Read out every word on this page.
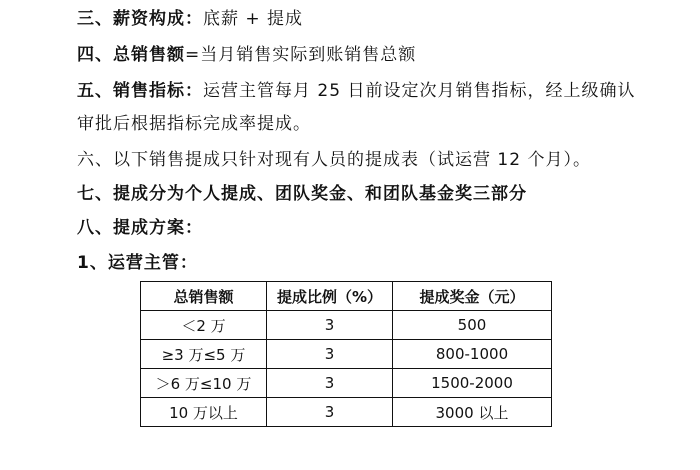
三、薪资构成：底薪 + 提成
四、总销售额=当月销售实际到账销售总额
五、销售指标：运营主管每月 25 日前设定次月销售指标，经上级确认
审批后根据指标完成率提成。
六、以下销售提成只针对现有人员的提成表（试运营 12 个月）。
七、提成分为个人提成、团队奖金、和团队基金奖三部分
八、提成方案：
1、运营主管：
总销售额	提成比例（%）	提成奖金（元）
＜2 万	3	500
≥3 万≤5 万	3	800-1000
＞6 万≤10 万	3	1500-2000
10 万以上	3	3000 以上
